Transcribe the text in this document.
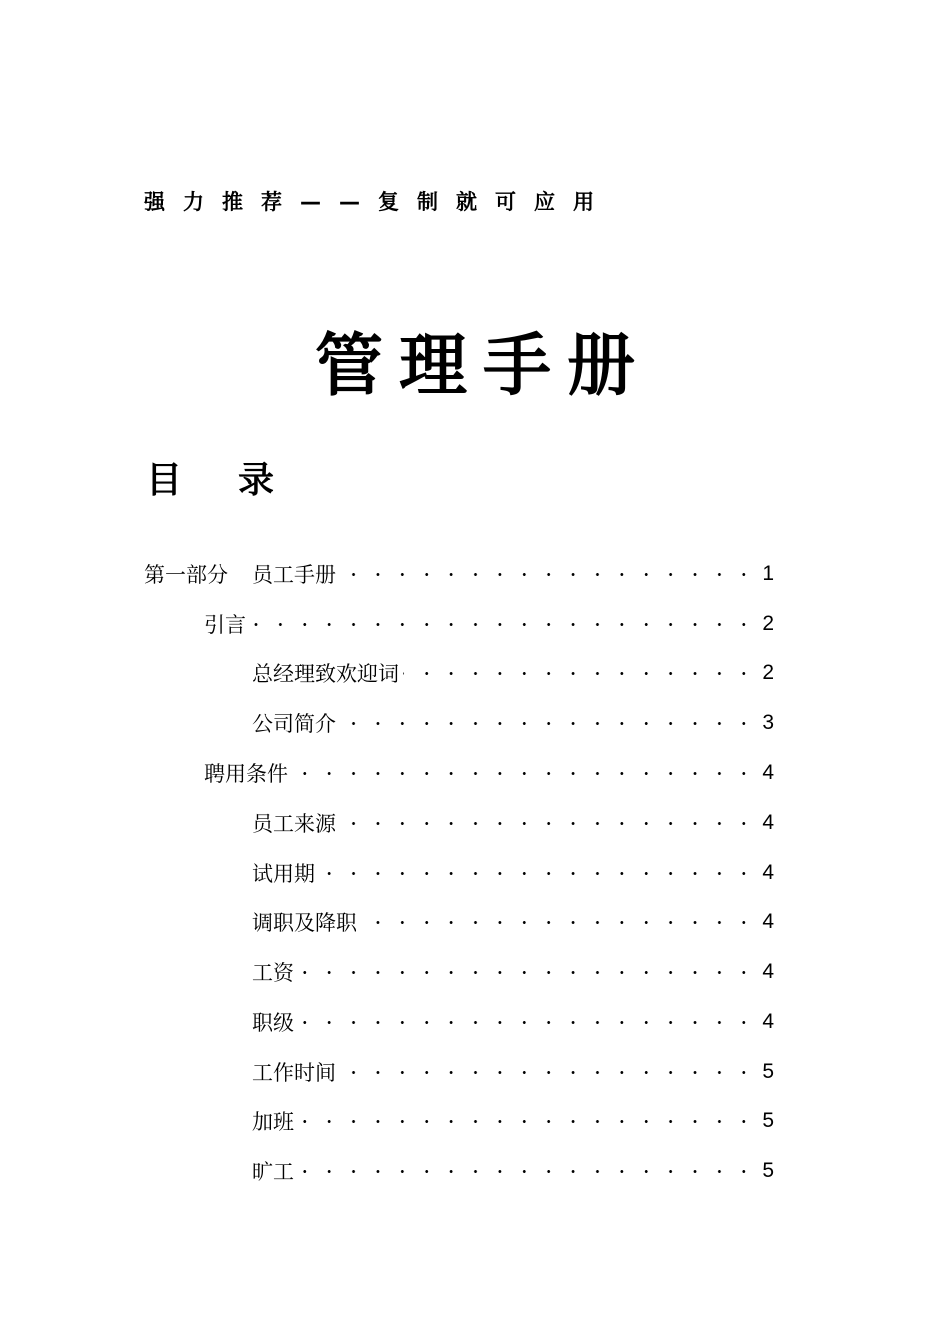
强力推荐——复制就可应用
管理手册
目 录
第一部分 员工手册	1
引言	2
总经理致欢迎词	2
公司简介	3
聘用条件	4
员工来源	4
试用期	4
调职及降职	4
工资	4
职级	4
工作时间	5
加班	5
旷工	5
